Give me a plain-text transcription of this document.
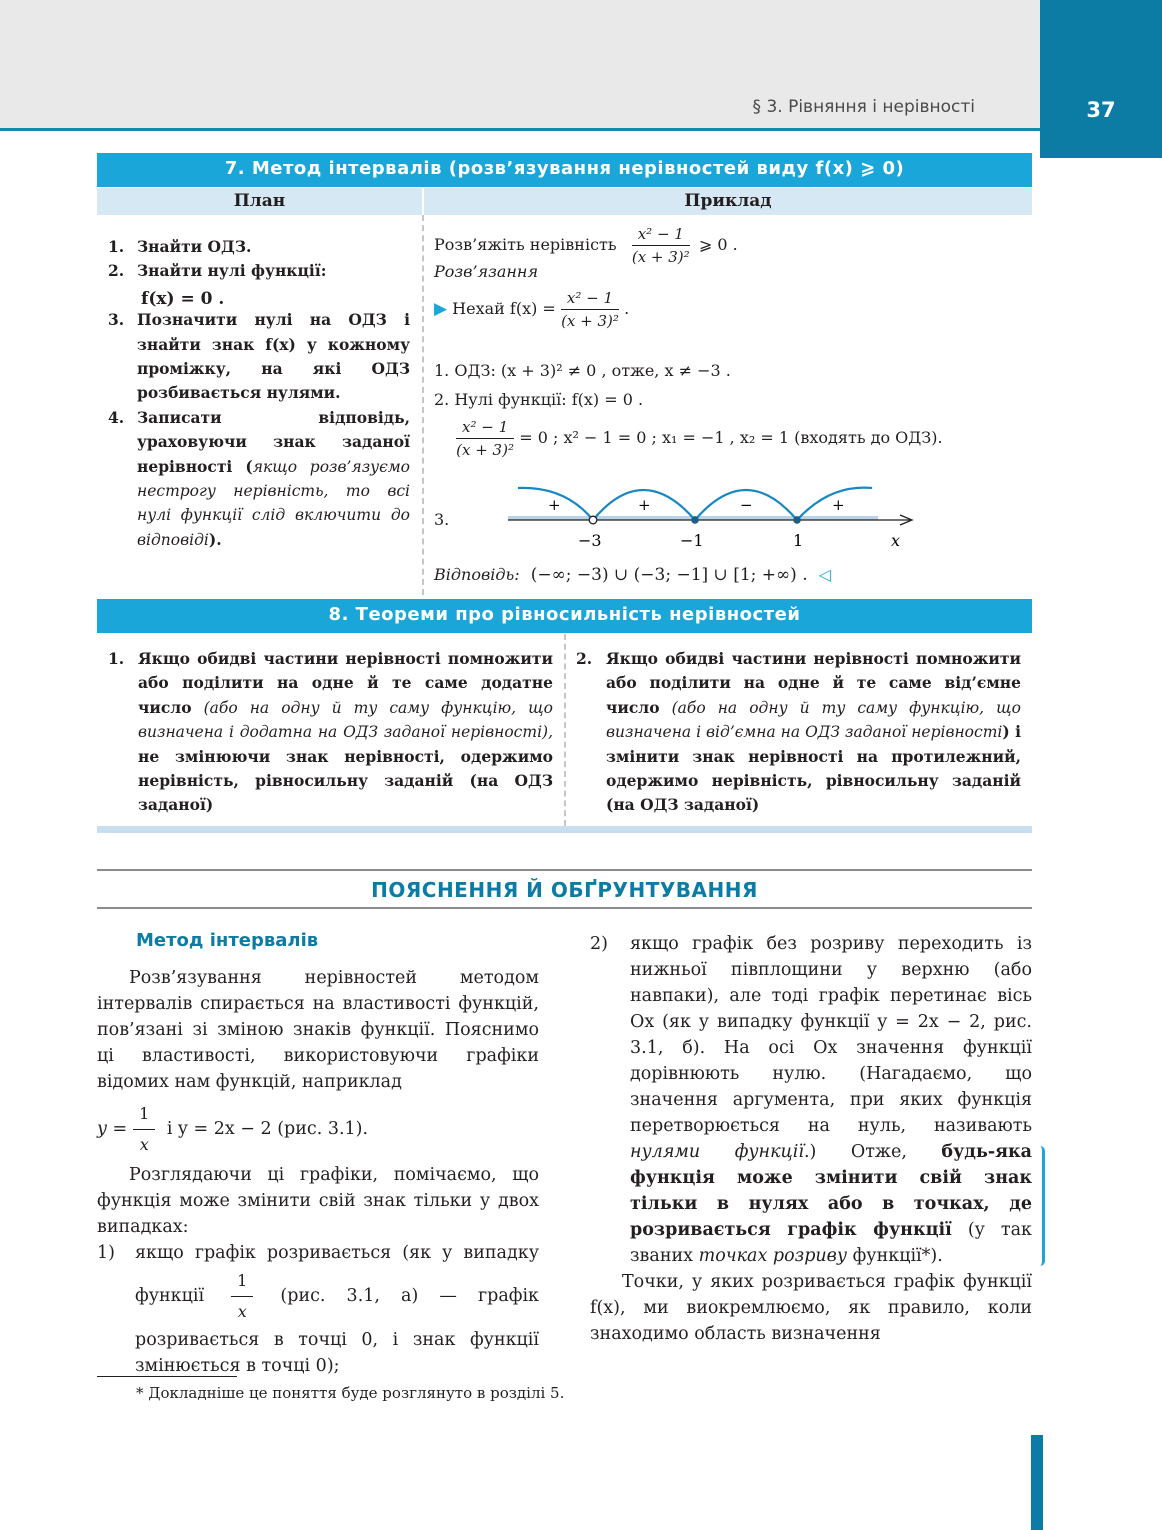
§ 3. Рівняння і нерівності	37
7. Метод інтервалів (розв’язування нерівностей виду f(x) ⩾ 0)
План	Приклад
1. Знайти ОДЗ.
2. Знайти нулі функції:
f(x) = 0 .
3. Позначити нулі на ОДЗ і знайти знак f(x) у кожному проміжку, на які ОДЗ розбивається нулями.
4. Записати відповідь, ураховуючи знак заданої нерівності (якщо розв’язуємо нестрогу нерівність, то всі нулі функції слід включити до відповіді).
Розв’яжіть нерівність $\frac{\text{x² − 1}}{\text{(x + 3)²}}$ ⩾ 0 .
Розв’язання
▶ Нехай $f(x) = \frac{\text{x² − 1}}{\text{(x + 3)²}}$ .
1. ОДЗ: (x + 3)² ≠ 0 , отже, x ≠ −3 .
2. Нулі функції: f(x) = 0 .
$\frac{\text{x² − 1}}{\text{(x + 3)²}} = 0$ ; x² − 1 = 0 ; x₁ = −1 , x₂ = 1 (входять до ОДЗ).
3.
+	+	−	+
−3	−1	1	x
Відповідь: (−∞; −3) ∪ (−3; −1] ∪ [1; +∞) . ◁
8. Теореми про рівносильність нерівностей
1. Якщо обидві частини нерівності помножити або поділити на одне й те саме додатне число (або на одну й ту саму функцію, що визначена і додатна на ОДЗ заданої нерівності), не змінюючи знак нерівності, одержимо нерівність, рівносильну заданій (на ОДЗ заданої)
2. Якщо обидві частини нерівності помножити або поділити на одне й те саме від’ємне число (або на одну й ту саму функцію, що визначена і від’ємна на ОДЗ заданої нерівності) і змінити знак нерівності на протилежний, одержимо нерівність, рівносильну заданій (на ОДЗ заданої)
ПОЯСНЕННЯ Й ОБҐРУНТУВАННЯ
Метод інтервалів

Розв’язування нерівностей методом інтервалів спирається на властивості функцій, пов’язані зі зміною знаків функції. Пояснимо ці властивості, використовуючи графіки відомих нам функцій, наприклад

$y = \frac{1}{x}$ і y = 2x − 2 (рис. 3.1).

Розглядаючи ці графіки, помічаємо, що функція може змінити свій знак тільки у двох випадках:

1)	якщо графік розривається (як у випадку функції $\frac{1}{x} (рис$. 3.1, а) — графік розривається в точці 0, і знак функції змінюється в точці 0);
2)	якщо графік без розриву переходить із нижньої півплощини у верхню (або навпаки), але тоді графік перетинає вісь Ox (як у випадку функції y = 2x − 2, рис. 3.1, б). На осі Ox значення функції дорівнюють нулю. (Нагадаємо, що значення аргумента, при яких функція перетворюється на нуль, називають нулями функції.) Отже, будь-яка функція може змінити свій знак тільки в нулях або в точках, де розривається графік функції (у так званих точках розриву функції*).

Точки, у яких розривається графік функції f(x), ми виокремлюємо, як правило, коли знаходимо область визначення

* Докладніше це поняття буде розглянуто в розділі 5.
